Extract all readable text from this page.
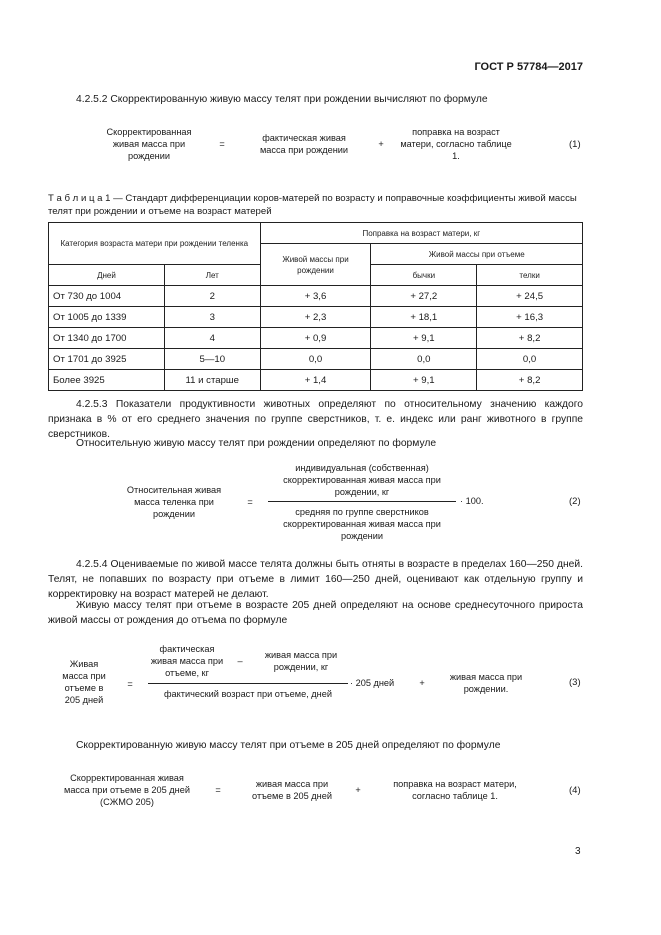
ГОСТ Р 57784—2017
4.2.5.2 Скорректированную живую массу телят при рождении вычисляют по формуле
Скорректированная живая масса при рождении
=
фактическая живая масса при рождении
+
поправка на возраст матери, согласно таблице 1.
(1)
Т а б л и ц а 1 — Стандарт дифференциации коров-матерей по возрасту и поправочные коэффициенты живой массы телят при рождении и отъеме на возраст матерей
Категория возраста матери при рождении теленка		Поправка на возраст матери, кг		
		Живой массы при рождении	Живой массы при отъеме	
Дней	Лет		бычки	телки
От 730 до 1004	2	+ 3,6	+ 27,2	+ 24,5
От 1005 до 1339	3	+ 2,3	+ 18,1	+ 16,3
От 1340 до 1700	4	+ 0,9	+ 9,1	+ 8,2
От 1701 до 3925	5—10	0,0	0,0	0,0
Более 3925	11 и старше	+ 1,4	+ 9,1	+ 8,2
4.2.5.3 Показатели продуктивности животных определяют по относительному значению каждого признака в % от его среднего значения по группе сверстников, т. е. индекс или ранг животного в группе сверстников.
Относительную живую массу телят при рождении определяют по формуле
Относительная живая масса теленка при рождении
=
индивидуальная (собственная) скорректированная живая масса при рождении, кг
средняя по группе сверстников скорректированная живая масса при рождении
· 100.	(2)
4.2.5.4 Оцениваемые по живой массе телята должны быть отняты в возрасте в пределах 160—250 дней. Телят, не попавших по возрасту при отъеме в лимит 160—250 дней, оценивают как отдельную группу и корректировку на возраст матерей не делают.
Живую массу телят при отъеме в возрасте 205 дней определяют на основе среднесуточного прироста живой массы от рождения до отъема по формуле
Живая масса при отъеме в 205 дней
=
фактическая живая масса при отъеме, кг
–
живая масса при рождении, кг
фактический возраст при отъеме, дней
· 205 дней	+
живая масса при рождении.
(3)
Скорректированную живую массу телят при отъеме в 205 дней определяют по формуле
Скорректированная живая масса при отъеме в 205 дней (СЖМО 205)
=
живая масса при отъеме в 205 дней
+
поправка на возраст матери, согласно таблице 1.	(4)
3
